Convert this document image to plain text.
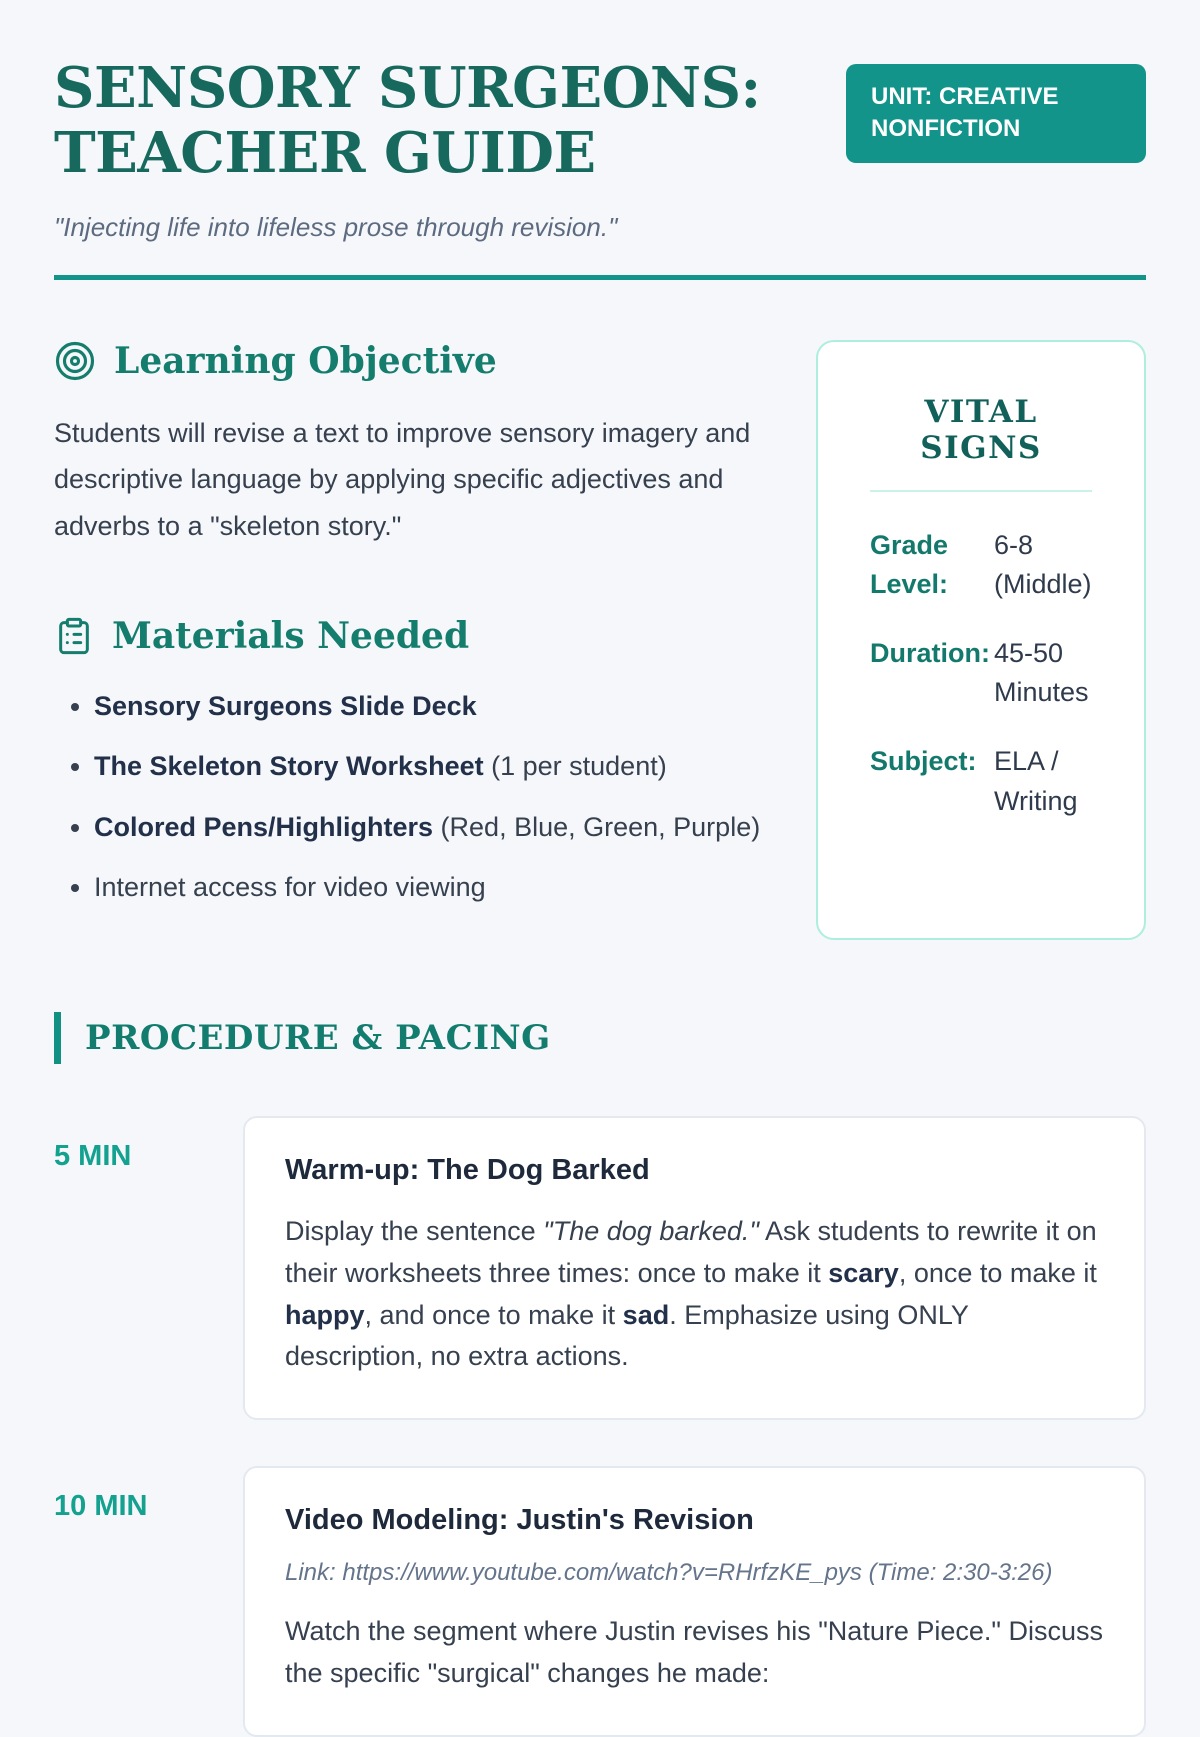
SENSORY SURGEONS:
TEACHER GUIDE
UNIT: CREATIVE NONFICTION

"Injecting life into lifeless prose through revision."

Learning Objective

Students will revise a text to improve sensory imagery and descriptive language by applying specific adjectives and adverbs to a "skeleton story."

Materials Needed
• Sensory Surgeons Slide Deck
• The Skeleton Story Worksheet (1 per student)
• Colored Pens/Highlighters (Red, Blue, Green, Purple)
• Internet access for video viewing
VITAL SIGNS
Grade Level:
6-8 (Middle)
Duration: 45-50 Minutes
Subject: ELA / Writing
PROCEDURE & PACING
5 MIN	Warm-up: The Dog Barked

Display the sentence "The dog barked." Ask students to rewrite it on their worksheets three times: once to make it scary, once to make it happy, and once to make it sad. Emphasize using ONLY description, no extra actions.

10 MIN	Video Modeling: Justin's Revision

Link: https://www.youtube.com/watch?v=RHrfzKE_pys (Time: 2:30-3:26)

Watch the segment where Justin revises his "Nature Piece." Discuss the specific "surgical" changes he made:
